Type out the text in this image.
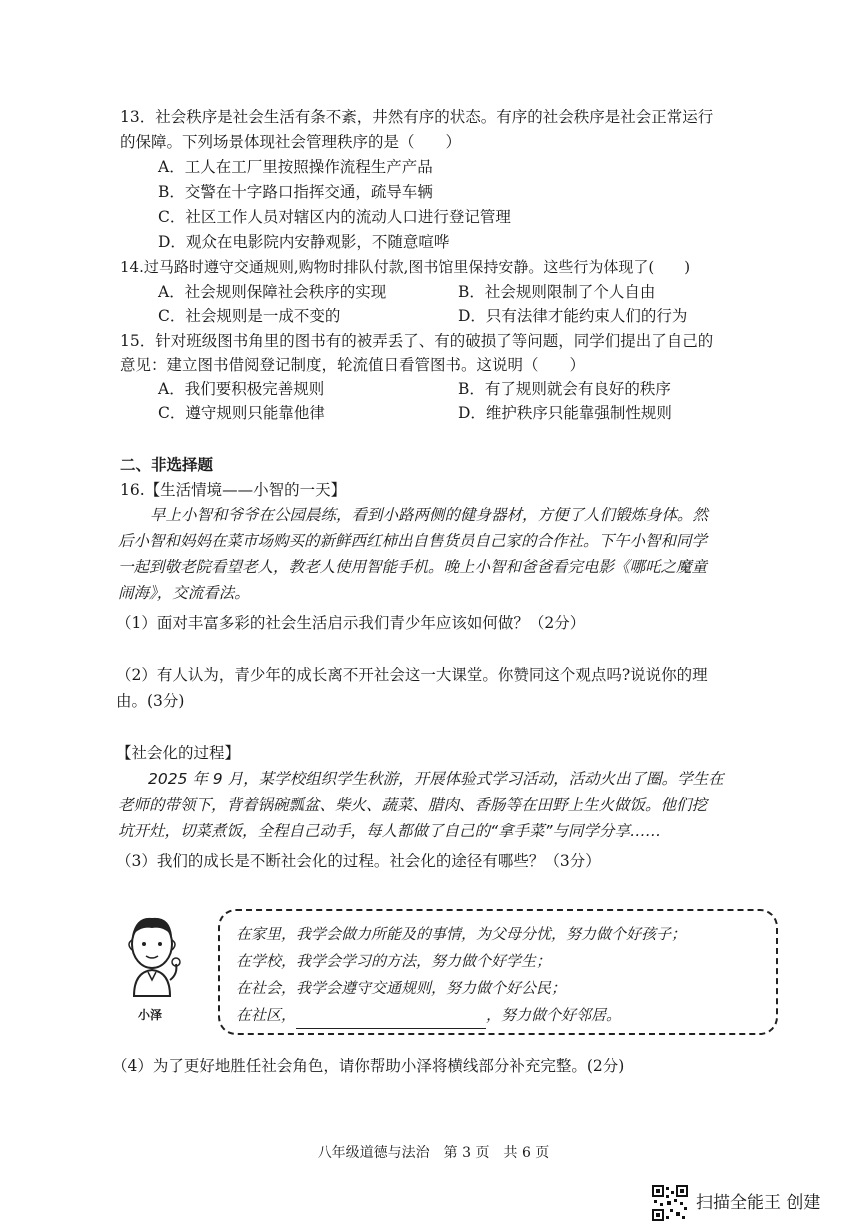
13．社会秩序是社会生活有条不紊，井然有序的状态。有序的社会秩序是社会正常运行
的保障。下列场景体现社会管理秩序的是（　　）
A．工人在工厂里按照操作流程生产产品
B．交警在十字路口指挥交通，疏导车辆
C．社区工作人员对辖区内的流动人口进行登记管理
D．观众在电影院内安静观影，不随意喧哗
14.过马路时遵守交通规则,购物时排队付款,图书馆里保持安静。这些行为体现了(　　)
A．社会规则保障社会秩序的实现	B．社会规则限制了个人自由
C．社会规则是一成不变的	D．只有法律才能约束人们的行为
15．针对班级图书角里的图书有的被弄丢了、有的破损了等问题，同学们提出了自己的
意见：建立图书借阅登记制度，轮流值日看管图书。这说明（　　）
A．我们要积极完善规则	B．有了规则就会有良好的秩序
C．遵守规则只能靠他律	D．维护秩序只能靠强制性规则
二、非选择题
16.【生活情境——小智的一天】
早上小智和爷爷在公园晨练，看到小路两侧的健身器材，方便了人们锻炼身体。然
后小智和妈妈在菜市场购买的新鲜西红柿出自售货员自己家的合作社。下午小智和同学
一起到敬老院看望老人，教老人使用智能手机。晚上小智和爸爸看完电影《哪吒之魔童
闹海》，交流看法。
（1）面对丰富多彩的社会生活启示我们青少年应该如何做？（2分）
（2）有人认为，青少年的成长离不开社会这一大课堂。你赞同这个观点吗?说说你的理
由。(3分)
【社会化的过程】
2025 年 9 月，某学校组织学生秋游，开展体验式学习活动，活动火出了圈。学生在
老师的带领下，背着锅碗瓢盆、柴火、蔬菜、腊肉、香肠等在田野上生火做饭。他们挖
坑开灶，切菜煮饭，全程自己动手，每人都做了自己的“拿手菜”与同学分享……
（3）我们的成长是不断社会化的过程。社会化的途径有哪些？（3分）
小泽
在家里，我学会做力所能及的事情，为父母分忧，努力做个好孩子；
在学校，我学会学习的方法，努力做个好学生；
在社会，我学会遵守交通规则，努力做个好公民；
在社区，	，努力做个好邻居。
（4）为了更好地胜任社会角色，请你帮助小泽将横线部分补充完整。(2分)
八年级道德与法治　第 3 页　共 6 页
扫描全能王 创建
